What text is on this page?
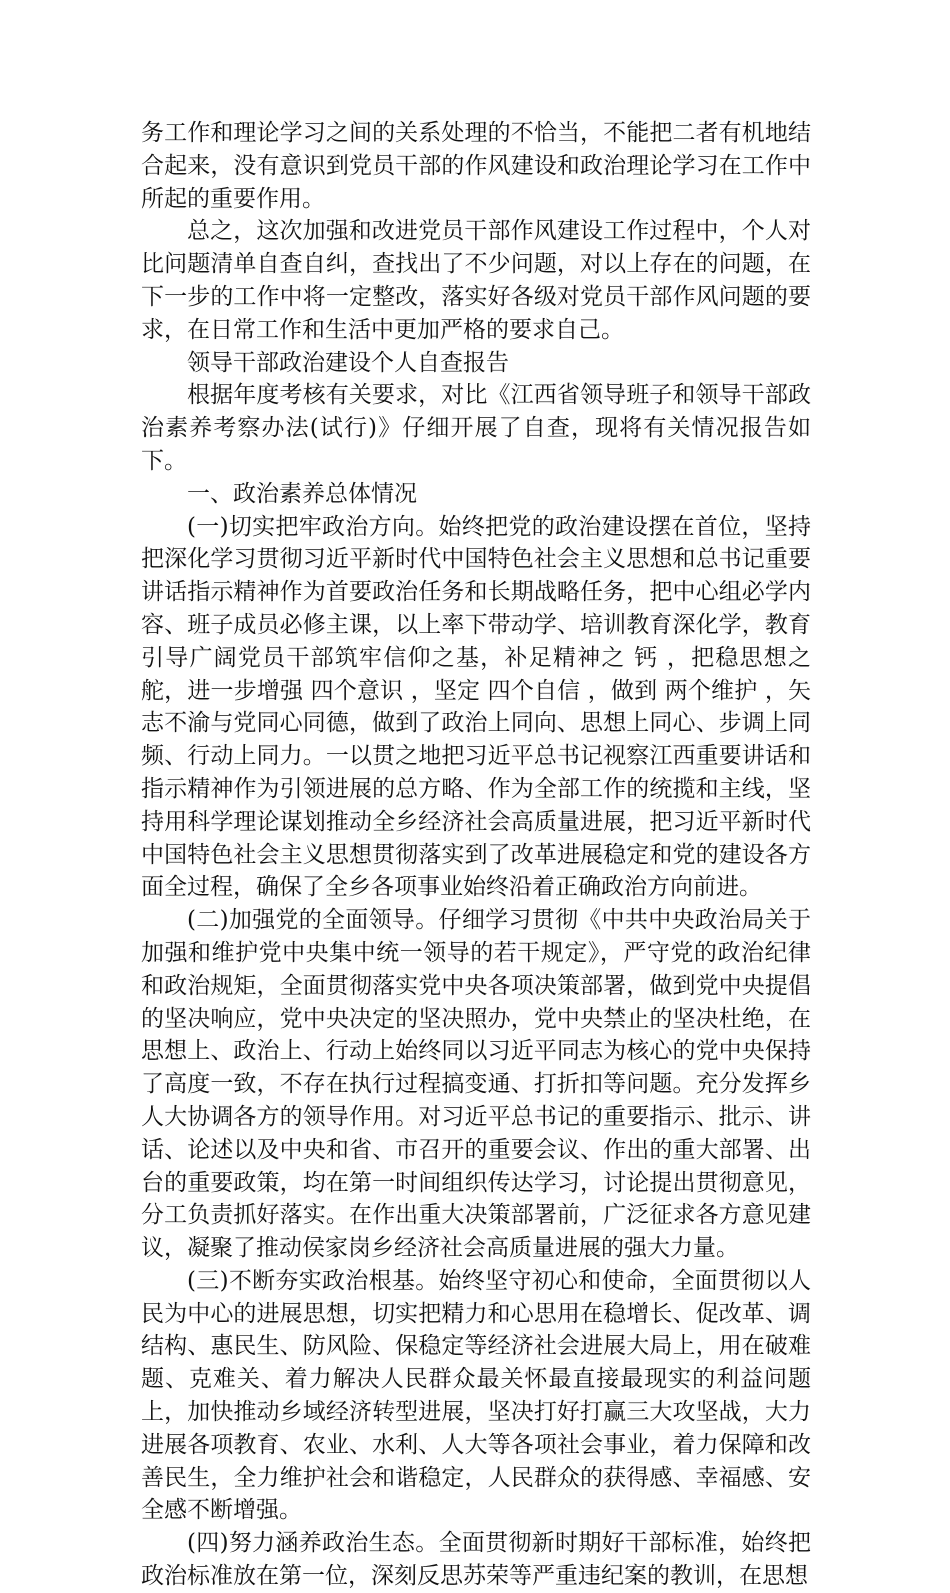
务工作和理论学习之间的关系处理的不恰当，不能把二者有机地结合起来，没有意识到党员干部的作风建设和政治理论学习在工作中所起的重要作用。

总之，这次加强和改进党员干部作风建设工作过程中，个人对比问题清单自查自纠，查找出了不少问题，对以上存在的问题，在下一步的工作中将一定整改，落实好各级对党员干部作风问题的要求，在日常工作和生活中更加严格的要求自己。

领导干部政治建设个人自查报告

根据年度考核有关要求，对比《江西省领导班子和领导干部政治素养考察办法(试行)》仔细开展了自查，现将有关情况报告如下。

一、政治素养总体情况

(一)切实把牢政治方向。始终把党的政治建设摆在首位，坚持把深化学习贯彻习近平新时代中国特色社会主义思想和总书记重要讲话指示精神作为首要政治任务和长期战略任务，把中心组必学内容、班子成员必修主课，以上率下带动学、培训教育深化学，教育引导广阔党员干部筑牢信仰之基，补足精神之 钙 ，把稳思想之舵，进一步增强 四个意识 ，坚定 四个自信 ，做到 两个维护 ，矢志不渝与党同心同德，做到了政治上同向、思想上同心、步调上同频、行动上同力。一以贯之地把习近平总书记视察江西重要讲话和指示精神作为引领进展的总方略、作为全部工作的统揽和主线，坚持用科学理论谋划推动全乡经济社会高质量进展，把习近平新时代中国特色社会主义思想贯彻落实到了改革进展稳定和党的建设各方面全过程，确保了全乡各项事业始终沿着正确政治方向前进。

(二)加强党的全面领导。仔细学习贯彻《中共中央政治局关于加强和维护党中央集中统一领导的若干规定》，严守党的政治纪律和政治规矩，全面贯彻落实党中央各项决策部署，做到党中央提倡的坚决响应，党中央决定的坚决照办，党中央禁止的坚决杜绝，在思想上、政治上、行动上始终同以习近平同志为核心的党中央保持了高度一致，不存在执行过程搞变通、打折扣等问题。充分发挥乡人大协调各方的领导作用。对习近平总书记的重要指示、批示、讲话、论述以及中央和省、市召开的重要会议、作出的重大部署、出台的重要政策，均在第一时间组织传达学习，讨论提出贯彻意见，分工负责抓好落实。在作出重大决策部署前，广泛征求各方意见建议，凝聚了推动侯家岗乡经济社会高质量进展的强大力量。

(三)不断夯实政治根基。始终坚守初心和使命，全面贯彻以人民为中心的进展思想，切实把精力和心思用在稳增长、促改革、调结构、惠民生、防风险、保稳定等经济社会进展大局上，用在破难题、克难关、着力解决人民群众最关怀最直接最现实的利益问题上，加快推动乡域经济转型进展，坚决打好打赢三大攻坚战，大力进展各项教育、农业、水利、人大等各项社会事业，着力保障和改善民生，全力维护社会和谐稳定，人民群众的获得感、幸福感、安全感不断增强。

(四)努力涵养政治生态。全面贯彻新时期好干部标准，始终把政治标准放在第一位，深刻反思苏荣等严重违纪案的教训，在思想
